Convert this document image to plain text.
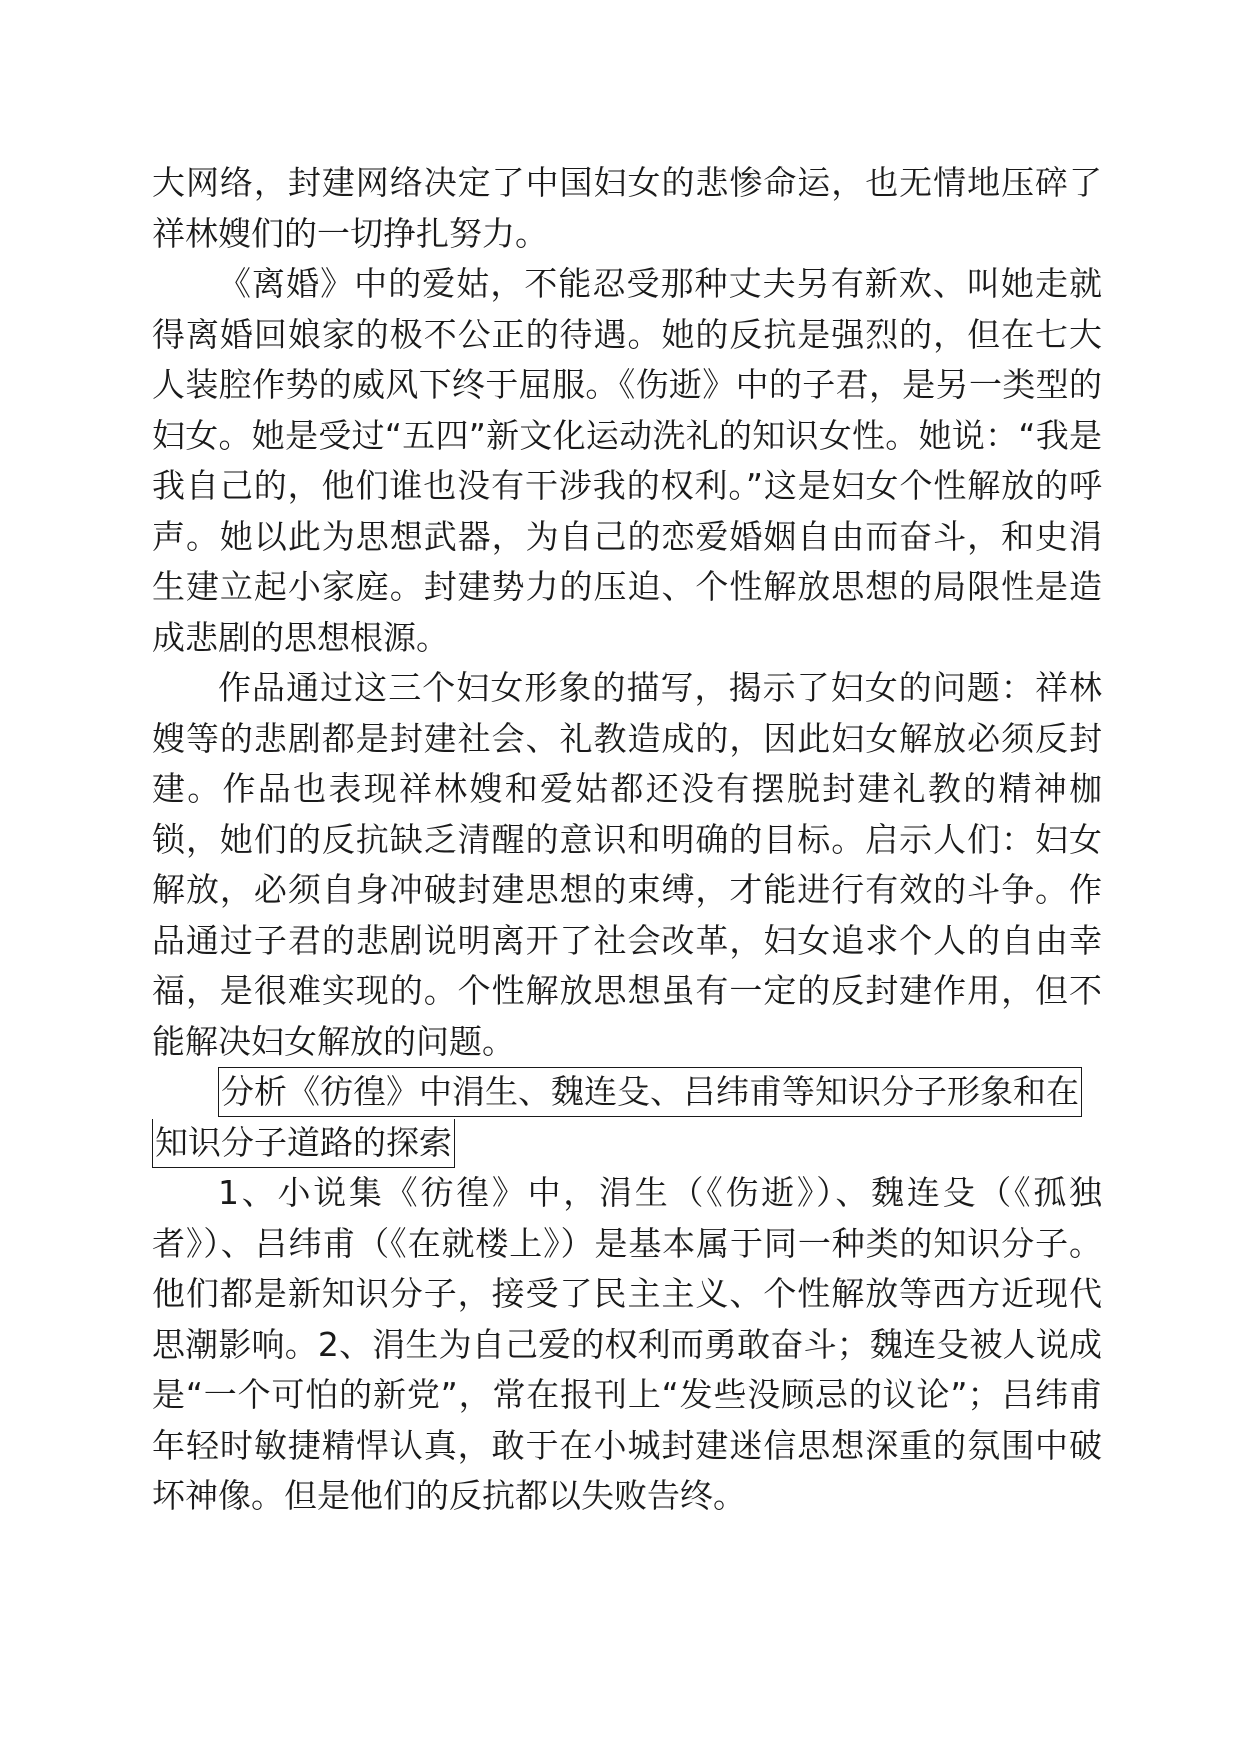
大网络，封建网络决定了中国妇女的悲惨命运，也无情地压碎了祥林嫂们的一切挣扎努力。

《离婚》中的爱姑，不能忍受那种丈夫另有新欢、叫她走就得离婚回娘家的极不公正的待遇。她的反抗是强烈的，但在七大人装腔作势的威风下终于屈服。《伤逝》中的子君，是另一类型的妇女。她是受过“五四”新文化运动洗礼的知识女性。她说：“我是我自己的，他们谁也没有干涉我的权利。”这是妇女个性解放的呼声。她以此为思想武器，为自己的恋爱婚姻自由而奋斗，和史涓生建立起小家庭。封建势力的压迫、个性解放思想的局限性是造成悲剧的思想根源。

作品通过这三个妇女形象的描写，揭示了妇女的问题：祥林嫂等的悲剧都是封建社会、礼教造成的，因此妇女解放必须反封建。作品也表现祥林嫂和爱姑都还没有摆脱封建礼教的精神枷锁，她们的反抗缺乏清醒的意识和明确的目标。启示人们：妇女解放，必须自身冲破封建思想的束缚，才能进行有效的斗争。作品通过子君的悲剧说明离开了社会改革，妇女追求个人的自由幸福，是很难实现的。个性解放思想虽有一定的反封建作用，但不能解决妇女解放的问题。

分析《彷徨》中涓生、魏连殳、吕纬甫等知识分子形象和在
知识分子道路的探索

1、小说集《彷徨》中，涓生（《伤逝》）、魏连殳（《孤独者》）、吕纬甫（《在就楼上》）是基本属于同一种类的知识分子。他们都是新知识分子，接受了民主主义、个性解放等西方近现代思潮影响。2、涓生为自己爱的权利而勇敢奋斗；魏连殳被人说成是“一个可怕的新党”，常在报刊上“发些没顾忌的议论”；吕纬甫年轻时敏捷精悍认真，敢于在小城封建迷信思想深重的氛围中破坏神像。但是他们的反抗都以失败告终。
